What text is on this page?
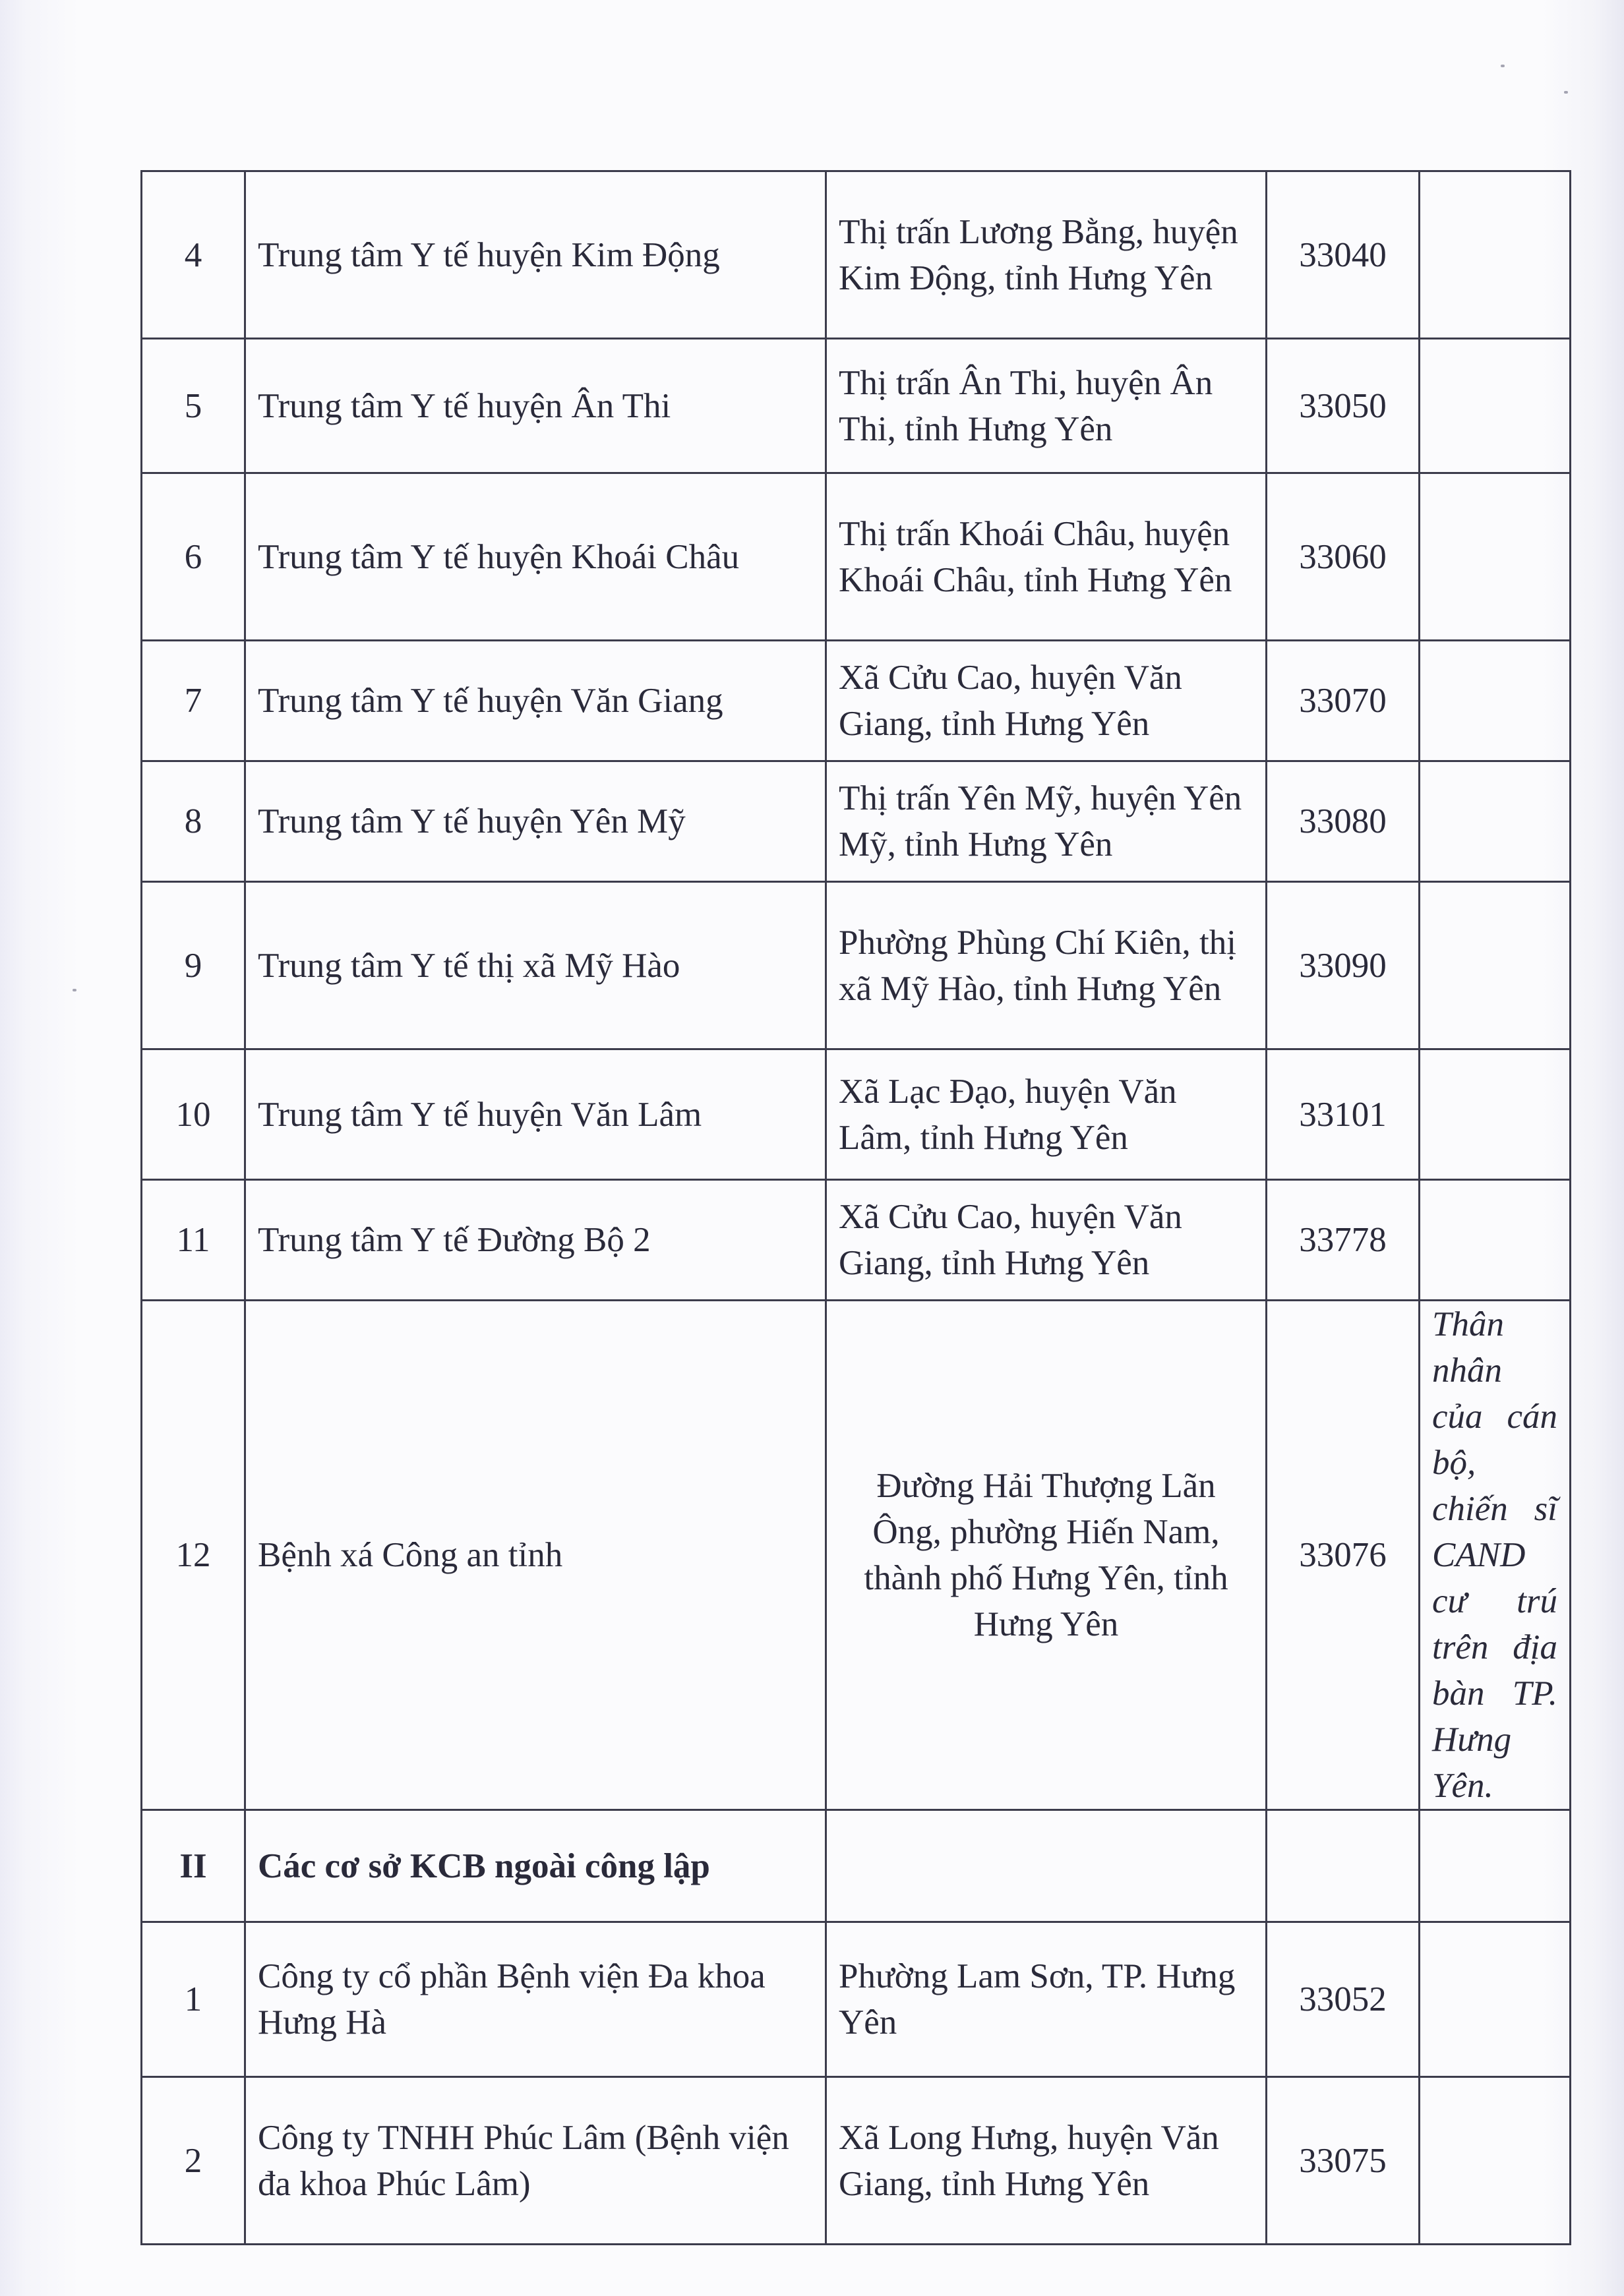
4	Trung tâm Y tế huyện Kim Động	Thị trấn Lương Bằng, huyện Kim Động, tỉnh Hưng Yên	33040	
5	Trung tâm Y tế huyện Ân Thi	Thị trấn Ân Thi, huyện Ân Thi, tỉnh Hưng Yên	33050	
6	Trung tâm Y tế huyện Khoái Châu	Thị trấn Khoái Châu, huyện Khoái Châu, tỉnh Hưng Yên	33060	
7	Trung tâm Y tế huyện Văn Giang	Xã Cửu Cao, huyện Văn Giang, tỉnh Hưng Yên	33070	
8	Trung tâm Y tế huyện Yên Mỹ	Thị trấn Yên Mỹ, huyện Yên Mỹ, tỉnh Hưng Yên	33080	
9	Trung tâm Y tế thị xã Mỹ Hào	Phường Phùng Chí Kiên, thị xã Mỹ Hào, tỉnh Hưng Yên	33090	
10	Trung tâm Y tế huyện Văn Lâm	Xã Lạc Đạo, huyện Văn Lâm, tỉnh Hưng Yên	33101	
11	Trung tâm Y tế Đường Bộ 2	Xã Cửu Cao, huyện Văn Giang, tỉnh Hưng Yên	33778	
12	Bệnh xá Công an tỉnh	Đường Hải Thượng Lãn Ông, phường Hiến Nam, thành phố Hưng Yên, tỉnh Hưng Yên	33076	Thân nhân của cán bộ, chiến sĩ CAND cư trú trên địa bàn TP. Hưng Yên.
II	Các cơ sở KCB ngoài công lập			
1	Công ty cổ phần Bệnh viện Đa khoa Hưng Hà	Phường Lam Sơn, TP. Hưng Yên	33052	
2	Công ty TNHH Phúc Lâm (Bệnh viện đa khoa Phúc Lâm)	Xã Long Hưng, huyện Văn Giang, tỉnh Hưng Yên	33075	
